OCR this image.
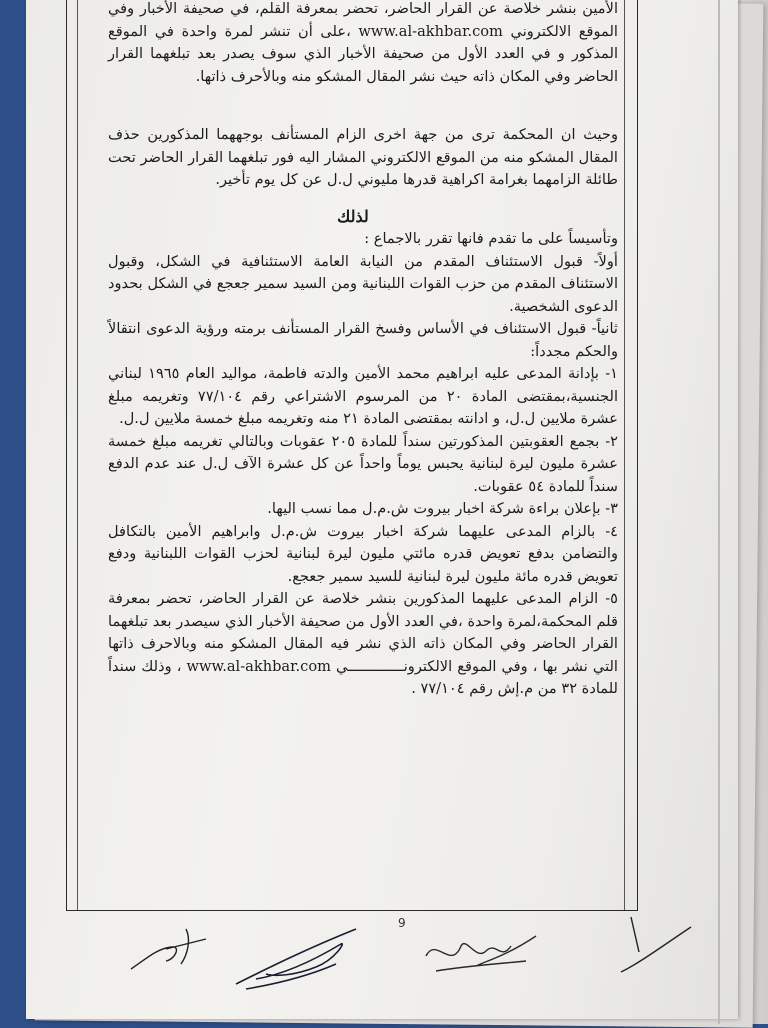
الأمين بنشر خلاصة عن القرار الحاضر، تحضر بمعرفة القلم، في صحيفة الأخبار وفي الموقع الالكتروني www.al-akhbar.com ،على أن تنشر لمرة واحدة في الموقع المذكور و في العدد الأول من صحيفة الأخبار الذي سوف يصدر بعد تبلغهما القرار الحاضر وفي المكان ذاته حيث نشر المقال المشكو منه وبالأحرف ذاتها.

وحيث ان المحكمة ترى من جهة اخرى الزام المستأنف بوجههما المذكورين حذف المقال المشكو منه من الموقع الالكتروني المشار اليه فور تبلغهما القرار الحاضر تحت طائلة الزامهما بغرامة اكراهية قدرها مليوني ل.ل عن كل يوم تأخير.

لذلك

وتأسيساً على ما تقدم فانها تقرر بالاجماع :

أولاً- قبول الاستئناف المقدم من النيابة العامة الاستئنافية في الشكل، وقبول الاستئناف المقدم من حزب القوات اللبنانية ومن السيد سمير جعجع في الشكل بحدود الدعوى الشخصية.

ثانياً- قبول الاستئناف في الأساس وفسخ القرار المستأنف برمته ورؤية الدعوى انتقالاً والحكم مجدداً:

١- بإدانة المدعى عليه ابراهيم محمد الأمين والدته فاطمة، مواليد العام ١٩٦٥ لبناني الجنسية،بمقتضى المادة ٢٠ من المرسوم الاشتراعي رقم ٧٧/١٠٤ وتغريمه مبلغ عشرة ملايين ل.ل، و ادانته بمقتضى المادة ٢١ منه وتغريمه مبلغ خمسة ملايين ل.ل.

٢- بجمع العقوبتين المذكورتين سنداً للمادة ٢٠٥ عقوبات وبالتالي تغريمه مبلغ خمسة عشرة مليون ليرة لبنانية يحبس يوماً واحداً عن كل عشرة الآف ل.ل عند عدم الدفع سنداً للمادة ٥٤ عقوبات.

٣- بإعلان براءة شركة اخبار بيروت ش.م.ل مما نسب اليها.

٤- بالزام المدعى عليهما شركة اخبار بيروت ش.م.ل وابراهيم الأمين بالتكافل والتضامن بدفع تعويض قدره مائتي مليون ليرة لبنانية لحزب القوات اللبنانية ودفع تعويض قدره مائة مليون ليرة لبنانية للسيد سمير جعجع.

٥- الزام المدعى عليهما المذكورين بنشر خلاصة عن القرار الحاضر، تحضر بمعرفة قلم المحكمة،لمرة واحدة ،في العدد الأول من صحيفة الأخبار الذي سيصدر بعد تبلغهما القرار الحاضر وفي المكان ذاته الذي نشر فيه المقال المشكو منه وبالاحرف ذاتها التي نشر بها ، وفي الموقع الالكترونـــــــــــــي www.al-akhbar.com ، وذلك سنداً للمادة ٣٢ من م.إش رقم ٧٧/١٠٤ .

9
